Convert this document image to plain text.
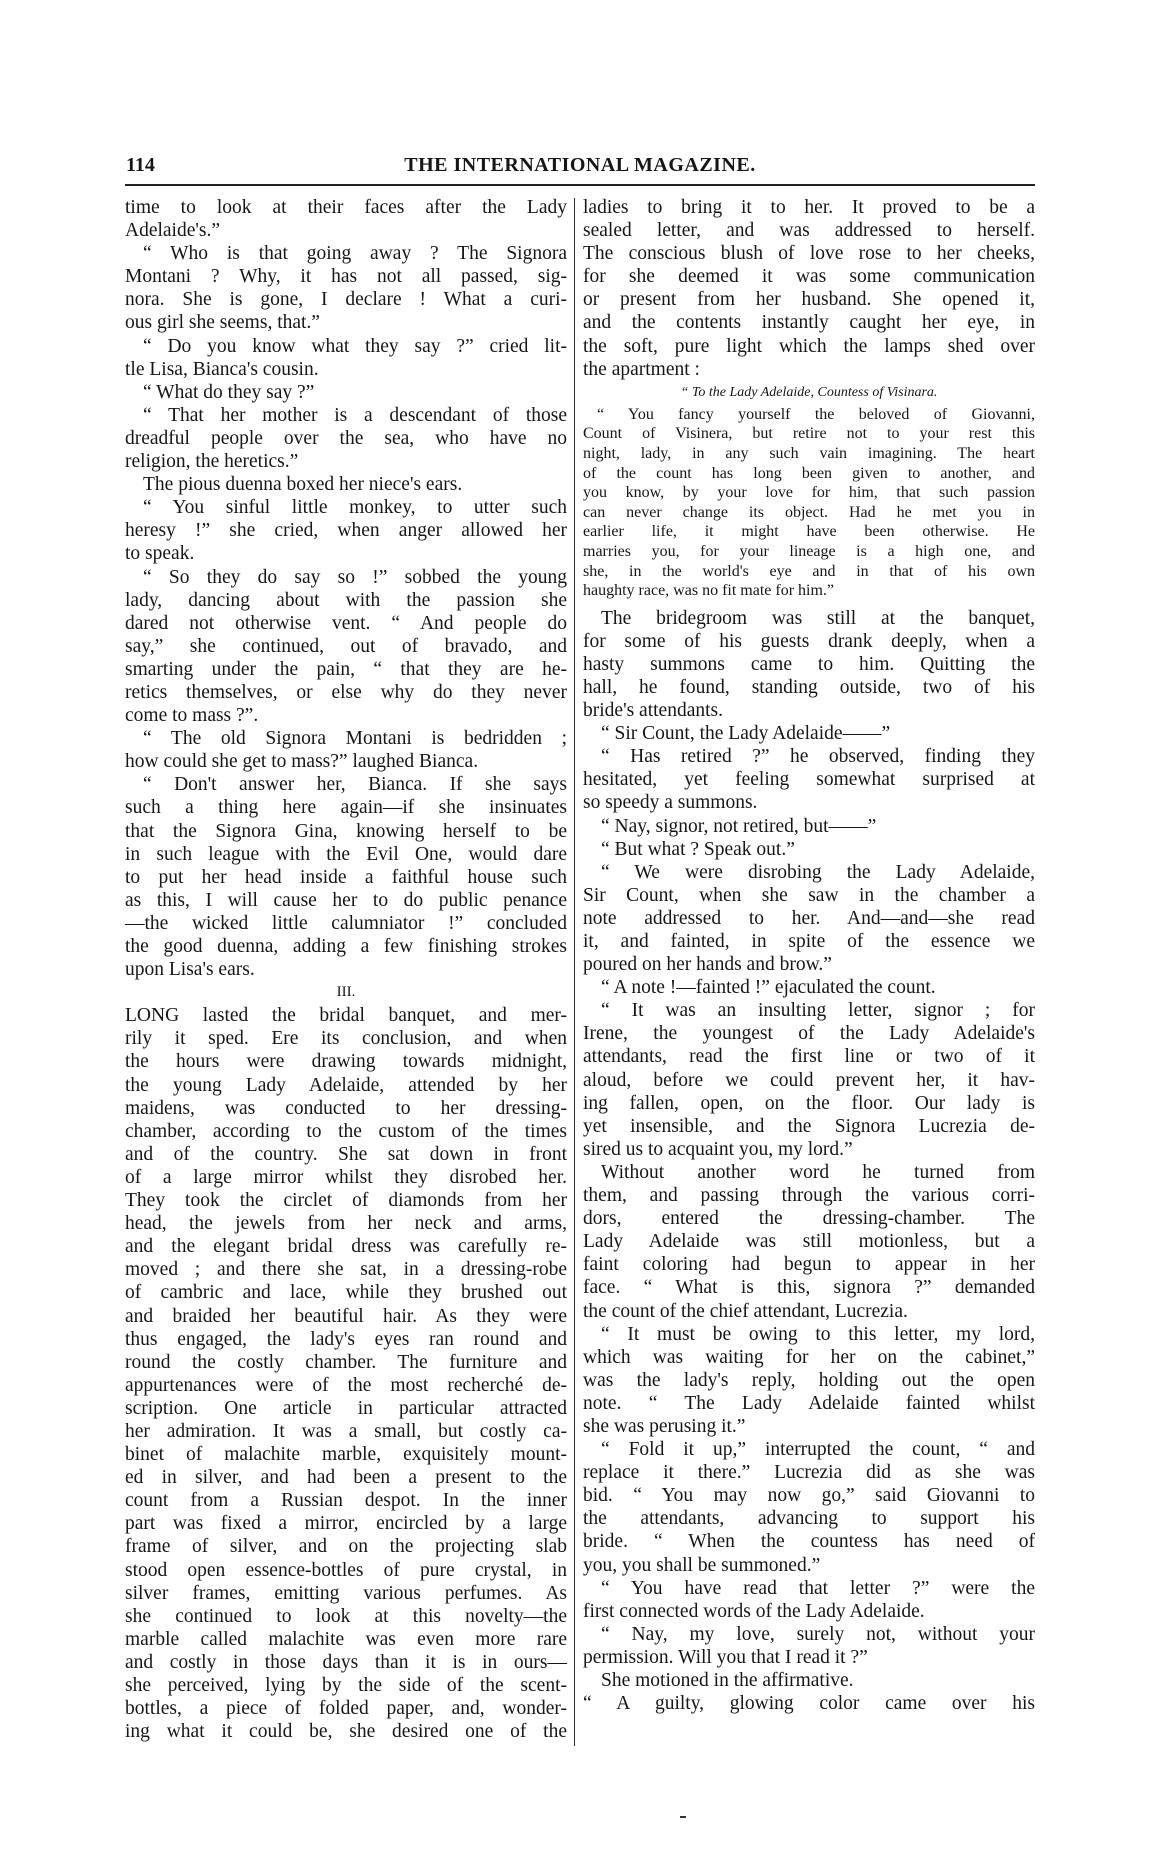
114	THE INTERNATIONAL MAGAZINE.
time to look at their faces after the Lady
Adelaide's.”
“ Who is that going away ? The Signora
Montani ? Why, it has not all passed, sig-
nora. She is gone, I declare ! What a curi-
ous girl she seems, that.”
“ Do you know what they say ?” cried lit-
tle Lisa, Bianca's cousin.
“ What do they say ?”
“ That her mother is a descendant of those
dreadful people over the sea, who have no
religion, the heretics.”
The pious duenna boxed her niece's ears.
“ You sinful little monkey, to utter such
heresy !” she cried, when anger allowed her
to speak.
“ So they do say so !” sobbed the young
lady, dancing about with the passion she
dared not otherwise vent. “ And people do
say,” she continued, out of bravado, and
smarting under the pain, “ that they are he-
retics themselves, or else why do they never
come to mass ?”.
“ The old Signora Montani is bedridden ;
how could she get to mass?” laughed Bianca.
“ Don't answer her, Bianca. If she says
such a thing here again—if she insinuates
that the Signora Gina, knowing herself to be
in such league with the Evil One, would dare
to put her head inside a faithful house such
as this, I will cause her to do public penance
—the wicked little calumniator !” concluded
the good duenna, adding a few finishing strokes
upon Lisa's ears.
III.
LONG lasted the bridal banquet, and mer-
rily it sped. Ere its conclusion, and when
the hours were drawing towards midnight,
the young Lady Adelaide, attended by her
maidens, was conducted to her dressing-
chamber, according to the custom of the times
and of the country. She sat down in front
of a large mirror whilst they disrobed her.
They took the circlet of diamonds from her
head, the jewels from her neck and arms,
and the elegant bridal dress was carefully re-
moved ; and there she sat, in a dressing-robe
of cambric and lace, while they brushed out
and braided her beautiful hair. As they were
thus engaged, the lady's eyes ran round and
round the costly chamber. The furniture and
appurtenances were of the most recherché de-
scription. One article in particular attracted
her admiration. It was a small, but costly ca-
binet of malachite marble, exquisitely mount-
ed in silver, and had been a present to the
count from a Russian despot. In the inner
part was fixed a mirror, encircled by a large
frame of silver, and on the projecting slab
stood open essence-bottles of pure crystal, in
silver frames, emitting various perfumes. As
she continued to look at this novelty—the
marble called malachite was even more rare
and costly in those days than it is in ours—
she perceived, lying by the side of the scent-
bottles, a piece of folded paper, and, wonder-
ing what it could be, she desired one of the
ladies to bring it to her. It proved to be a
sealed letter, and was addressed to herself.
The conscious blush of love rose to her cheeks,
for she deemed it was some communication
or present from her husband. She opened it,
and the contents instantly caught her eye, in
the soft, pure light which the lamps shed over
the apartment :
“ To the Lady Adelaide, Countess of Visinara.
“ You fancy yourself the beloved of Giovanni,
Count of Visinera, but retire not to your rest this
night, lady, in any such vain imagining. The heart
of the count has long been given to another, and
you know, by your love for him, that such passion
can never change its object. Had he met you in
earlier life, it might have been otherwise. He
marries you, for your lineage is a high one, and
she, in the world's eye and in that of his own
haughty race, was no fit mate for him.”
The bridegroom was still at the banquet,
for some of his guests drank deeply, when a
hasty summons came to him. Quitting the
hall, he found, standing outside, two of his
bride's attendants.
“ Sir Count, the Lady Adelaide——”
“ Has retired ?” he observed, finding they
hesitated, yet feeling somewhat surprised at
so speedy a summons.
“ Nay, signor, not retired, but——”
“ But what ? Speak out.”
“ We were disrobing the Lady Adelaide,
Sir Count, when she saw in the chamber a
note addressed to her. And—and—she read
it, and fainted, in spite of the essence we
poured on her hands and brow.”
“ A note !—fainted !” ejaculated the count.
“ It was an insulting letter, signor ; for
Irene, the youngest of the Lady Adelaide's
attendants, read the first line or two of it
aloud, before we could prevent her, it hav-
ing fallen, open, on the floor. Our lady is
yet insensible, and the Signora Lucrezia de-
sired us to acquaint you, my lord.”
Without another word he turned from
them, and passing through the various corri-
dors, entered the dressing-chamber. The
Lady Adelaide was still motionless, but a
faint coloring had begun to appear in her
face. “ What is this, signora ?” demanded
the count of the chief attendant, Lucrezia.
“ It must be owing to this letter, my lord,
which was waiting for her on the cabinet,”
was the lady's reply, holding out the open
note. “ The Lady Adelaide fainted whilst
she was perusing it.”
“ Fold it up,” interrupted the count, “ and
replace it there.” Lucrezia did as she was
bid. “ You may now go,” said Giovanni to
the attendants, advancing to support his
bride. “ When the countess has need of
you, you shall be summoned.”
“ You have read that letter ?” were the
first connected words of the Lady Adelaide.
“ Nay, my love, surely not, without your
permission. Will you that I read it ?”
She motioned in the affirmative.
“ A guilty, glowing color came over his
